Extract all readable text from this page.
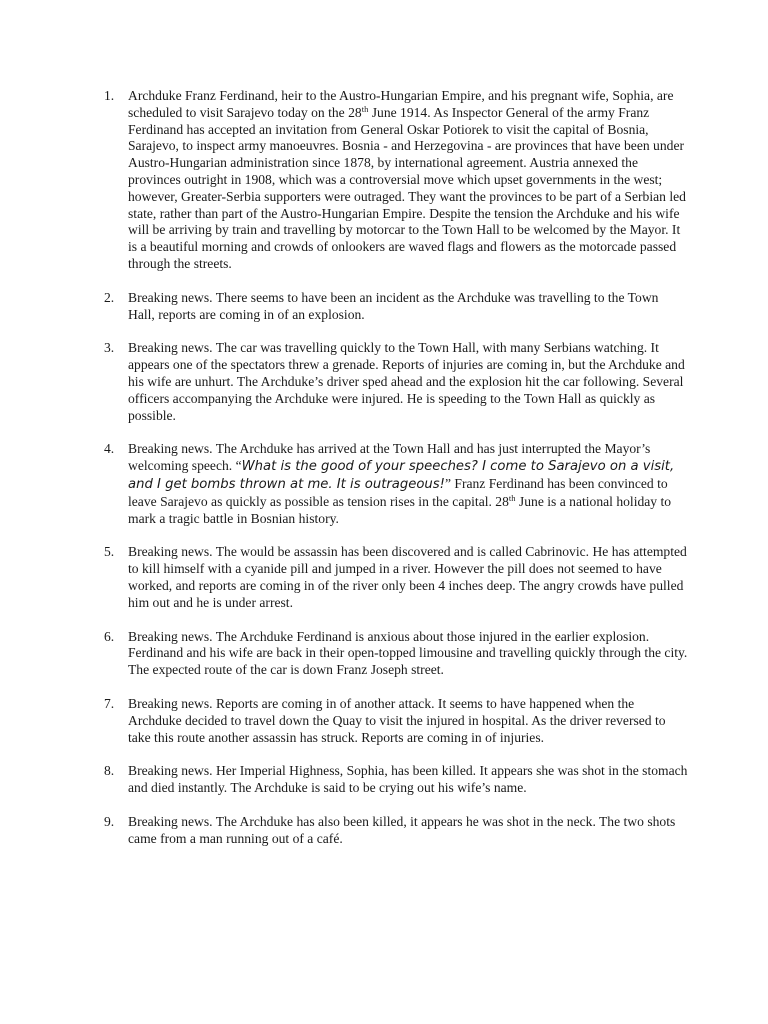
1. Archduke Franz Ferdinand, heir to the Austro-Hungarian Empire, and his pregnant wife, Sophia, are scheduled to visit Sarajevo today on the 28th June 1914. As Inspector General of the army Franz Ferdinand has accepted an invitation from General Oskar Potiorek to visit the capital of Bosnia, Sarajevo, to inspect army manoeuvres. Bosnia - and Herzegovina - are provinces that have been under Austro-Hungarian administration since 1878, by international agreement. Austria annexed the provinces outright in 1908, which was a controversial move which upset governments in the west; however, Greater-Serbia supporters were outraged. They want the provinces to be part of a Serbian led state, rather than part of the Austro-Hungarian Empire. Despite the tension the Archduke and his wife will be arriving by train and travelling by motorcar to the Town Hall to be welcomed by the Mayor. It is a beautiful morning and crowds of onlookers are waved flags and flowers as the motorcade passed through the streets.
2. Breaking news. There seems to have been an incident as the Archduke was travelling to the Town Hall, reports are coming in of an explosion.
3. Breaking news. The car was travelling quickly to the Town Hall, with many Serbians watching. It appears one of the spectators threw a grenade. Reports of injuries are coming in, but the Archduke and his wife are unhurt. The Archduke’s driver sped ahead and the explosion hit the car following. Several officers accompanying the Archduke were injured. He is speeding to the Town Hall as quickly as possible.
4. Breaking news. The Archduke has arrived at the Town Hall and has just interrupted the Mayor’s welcoming speech. “What is the good of your speeches? I come to Sarajevo on a visit, and I get bombs thrown at me. It is outrageous!” Franz Ferdinand has been convinced to leave Sarajevo as quickly as possible as tension rises in the capital. 28th June is a national holiday to mark a tragic battle in Bosnian history.
5. Breaking news. The would be assassin has been discovered and is called Cabrinovic. He has attempted to kill himself with a cyanide pill and jumped in a river. However the pill does not seemed to have worked, and reports are coming in of the river only been 4 inches deep. The angry crowds have pulled him out and he is under arrest.
6. Breaking news. The Archduke Ferdinand is anxious about those injured in the earlier explosion. Ferdinand and his wife are back in their open-topped limousine and travelling quickly through the city. The expected route of the car is down Franz Joseph street.
7. Breaking news. Reports are coming in of another attack. It seems to have happened when the Archduke decided to travel down the Quay to visit the injured in hospital. As the driver reversed to take this route another assassin has struck. Reports are coming in of injuries.
8. Breaking news. Her Imperial Highness, Sophia, has been killed. It appears she was shot in the stomach and died instantly. The Archduke is said to be crying out his wife’s name.
9. Breaking news. The Archduke has also been killed, it appears he was shot in the neck. The two shots came from a man running out of a café.
